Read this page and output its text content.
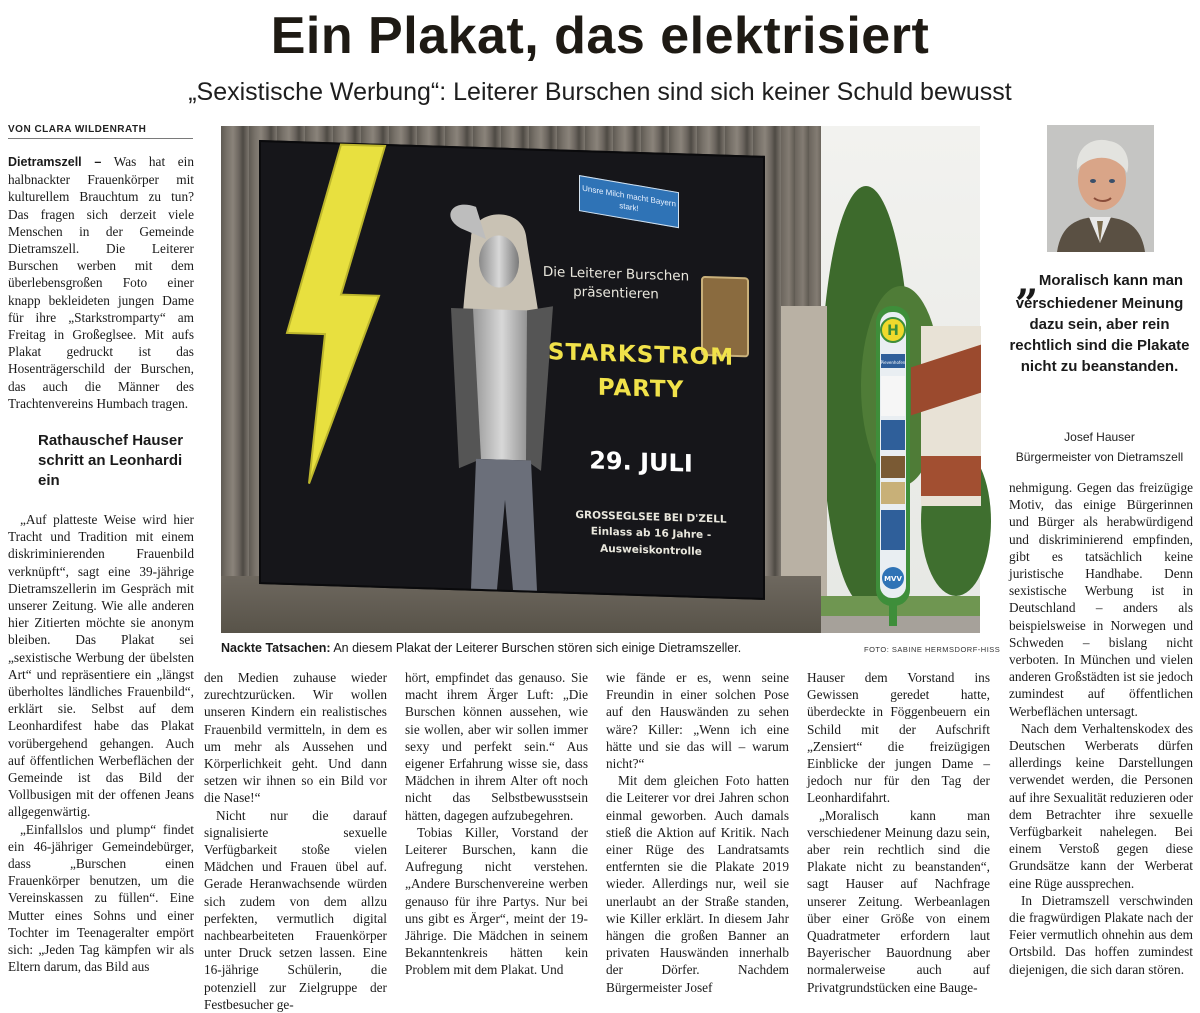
Ein Plakat, das elektrisiert
„Sexistische Werbung“: Leiterer Burschen sind sich keiner Schuld bewusst
VON CLARA WILDENRATH

Dietramszell – Was hat ein halbnackter Frauenkörper mit kulturellem Brauchtum zu tun? Das fragen sich derzeit viele Menschen in der Gemeinde Dietramszell. Die Leiterer Burschen werben mit dem überlebensgroßen Foto einer knapp bekleideten jungen Dame für ihre „Starkstromparty“ am Freitag in Großeglsee. Mit aufs Plakat gedruckt ist das Hosenträgerschild der Burschen, das auch die Männer des Trachtenvereins Humbach tragen.

Rathauschef Hauser schritt an Leonhardi ein

„Auf platteste Weise wird hier Tracht und Tradition mit einem diskriminierenden Frauenbild verknüpft“, sagt eine 39-jährige Dietramszellerin im Gespräch mit unserer Zeitung. Wie alle anderen hier Zitierten möchte sie anonym bleiben. Das Plakat sei „sexistische Werbung der übelsten Art“ und repräsentiere ein „längst überholtes ländliches Frauenbild“, erklärt sie. Selbst auf dem Leonhardifest habe das Plakat vorübergehend gehangen. Auch auf öffentlichen Werbeflächen der Gemeinde ist das Bild der Vollbusigen mit der offenen Jeans allgegenwärtig.

„Einfallslos und plump“ findet ein 46-jähriger Gemeindebürger, dass „Burschen einen Frauenkörper benutzen, um die Vereinskassen zu füllen“. Eine Mutter eines Sohns und einer Tochter im Teenageralter empört sich: „Jeden Tag kämpfen wir als Eltern darum, das Bild aus

den Medien zuhause wieder zurechtzurücken. Wir wollen unseren Kindern ein realistisches Frauenbild vermitteln, in dem es um mehr als Aussehen und Körperlichkeit geht. Und dann setzen wir ihnen so ein Bild vor die Nase!“

Nicht nur die darauf signalisierte sexuelle Verfügbarkeit stoße vielen Mädchen und Frauen übel auf. Gerade Heranwachsende würden sich zudem von dem allzu perfekten, vermutlich digital nachbearbeiteten Frauenkörper unter Druck setzen lassen. Eine 16-jährige Schülerin, die potenziell zur Zielgruppe der Festbesucher ge-

hört, empfindet das genauso. Sie macht ihrem Ärger Luft: „Die Burschen können aussehen, wie sie wollen, aber wir sollen immer sexy und perfekt sein.“ Aus eigener Erfahrung wisse sie, dass Mädchen in ihrem Alter oft noch nicht das Selbstbewusstsein hätten, dagegen aufzubegehren.

Tobias Killer, Vorstand der Leiterer Burschen, kann die Aufregung nicht verstehen. „Andere Burschenvereine werben genauso für ihre Partys. Nur bei uns gibt es Ärger“, meint der 19-Jährige. Die Mädchen in seinem Bekanntenkreis hätten kein Problem mit dem Plakat. Und

wie fände er es, wenn seine Freundin in einer solchen Pose auf den Hauswänden zu sehen wäre? Killer: „Wenn ich eine hätte und sie das will – warum nicht?“

Mit dem gleichen Foto hatten die Leiterer vor drei Jahren schon einmal geworben. Auch damals stieß die Aktion auf Kritik. Nach einer Rüge des Landratsamts entfernten sie die Plakate 2019 wieder. Allerdings nur, weil sie unerlaubt an der Straße standen, wie Killer erklärt. In diesem Jahr hängen die großen Banner an privaten Hauswänden innerhalb der Dörfer. Nachdem Bürgermeister Josef

Hauser dem Vorstand ins Gewissen geredet hatte, überdeckte in Föggenbeuern ein Schild mit der Aufschrift „Zensiert“ die freizügigen Einblicke der jungen Dame – jedoch nur für den Tag der Leonhardifahrt.

„Moralisch kann man verschiedener Meinung dazu sein, aber rein rechtlich sind die Plakate nicht zu beanstanden“, sagt Hauser auf Nachfrage unserer Zeitung. Werbeanlagen über einer Größe von einem Quadratmeter erfordern laut Bayerischer Bauordnung aber normalerweise auch auf Privatgrundstücken eine Bauge-

nehmigung. Gegen das freizügige Motiv, das einige Bürgerinnen und Bürger als herabwürdigend und diskriminierend empfinden, gibt es tatsächlich keine juristische Handhabe. Denn sexistische Werbung ist in Deutschland – anders als beispielsweise in Norwegen und Schweden – bislang nicht verboten. In München und vielen anderen Großstädten ist sie jedoch zumindest auf öffentlichen Werbeflächen untersagt.

Nach dem Verhaltenskodex des Deutschen Werberats dürfen allerdings keine Darstellungen verwendet werden, die Personen auf ihre Sexualität reduzieren oder dem Betrachter ihre sexuelle Verfügbarkeit nahelegen. Bei einem Verstoß gegen diese Grundsätze kann der Werberat eine Rüge aussprechen.

In Dietramszell verschwinden die fragwürdigen Plakate nach der Feier vermutlich ohnehin aus dem Ortsbild. Das hoffen zumindest diejenigen, die sich daran stören.

Unsre Milch macht Bayern stark!
Die Leiterer Burschen
präsentieren
STARKSTROM
PARTY
29. JULI
GROSSEGLSEE BEI D'ZELL
Einlass ab 16 Jahre -
Ausweiskontrolle
H
Pievenhofen
MVV
Nackte Tatsachen: An diesem Plakat der Leiterer Burschen stören sich einige Dietramszeller.	FOTO: SABINE HERMSDORF-HISS
„ Moralisch kann man verschiedener Meinung dazu sein, aber rein rechtlich sind die Plakate nicht zu beanstanden.
Josef Hauser
Bürgermeister von Dietramszell
